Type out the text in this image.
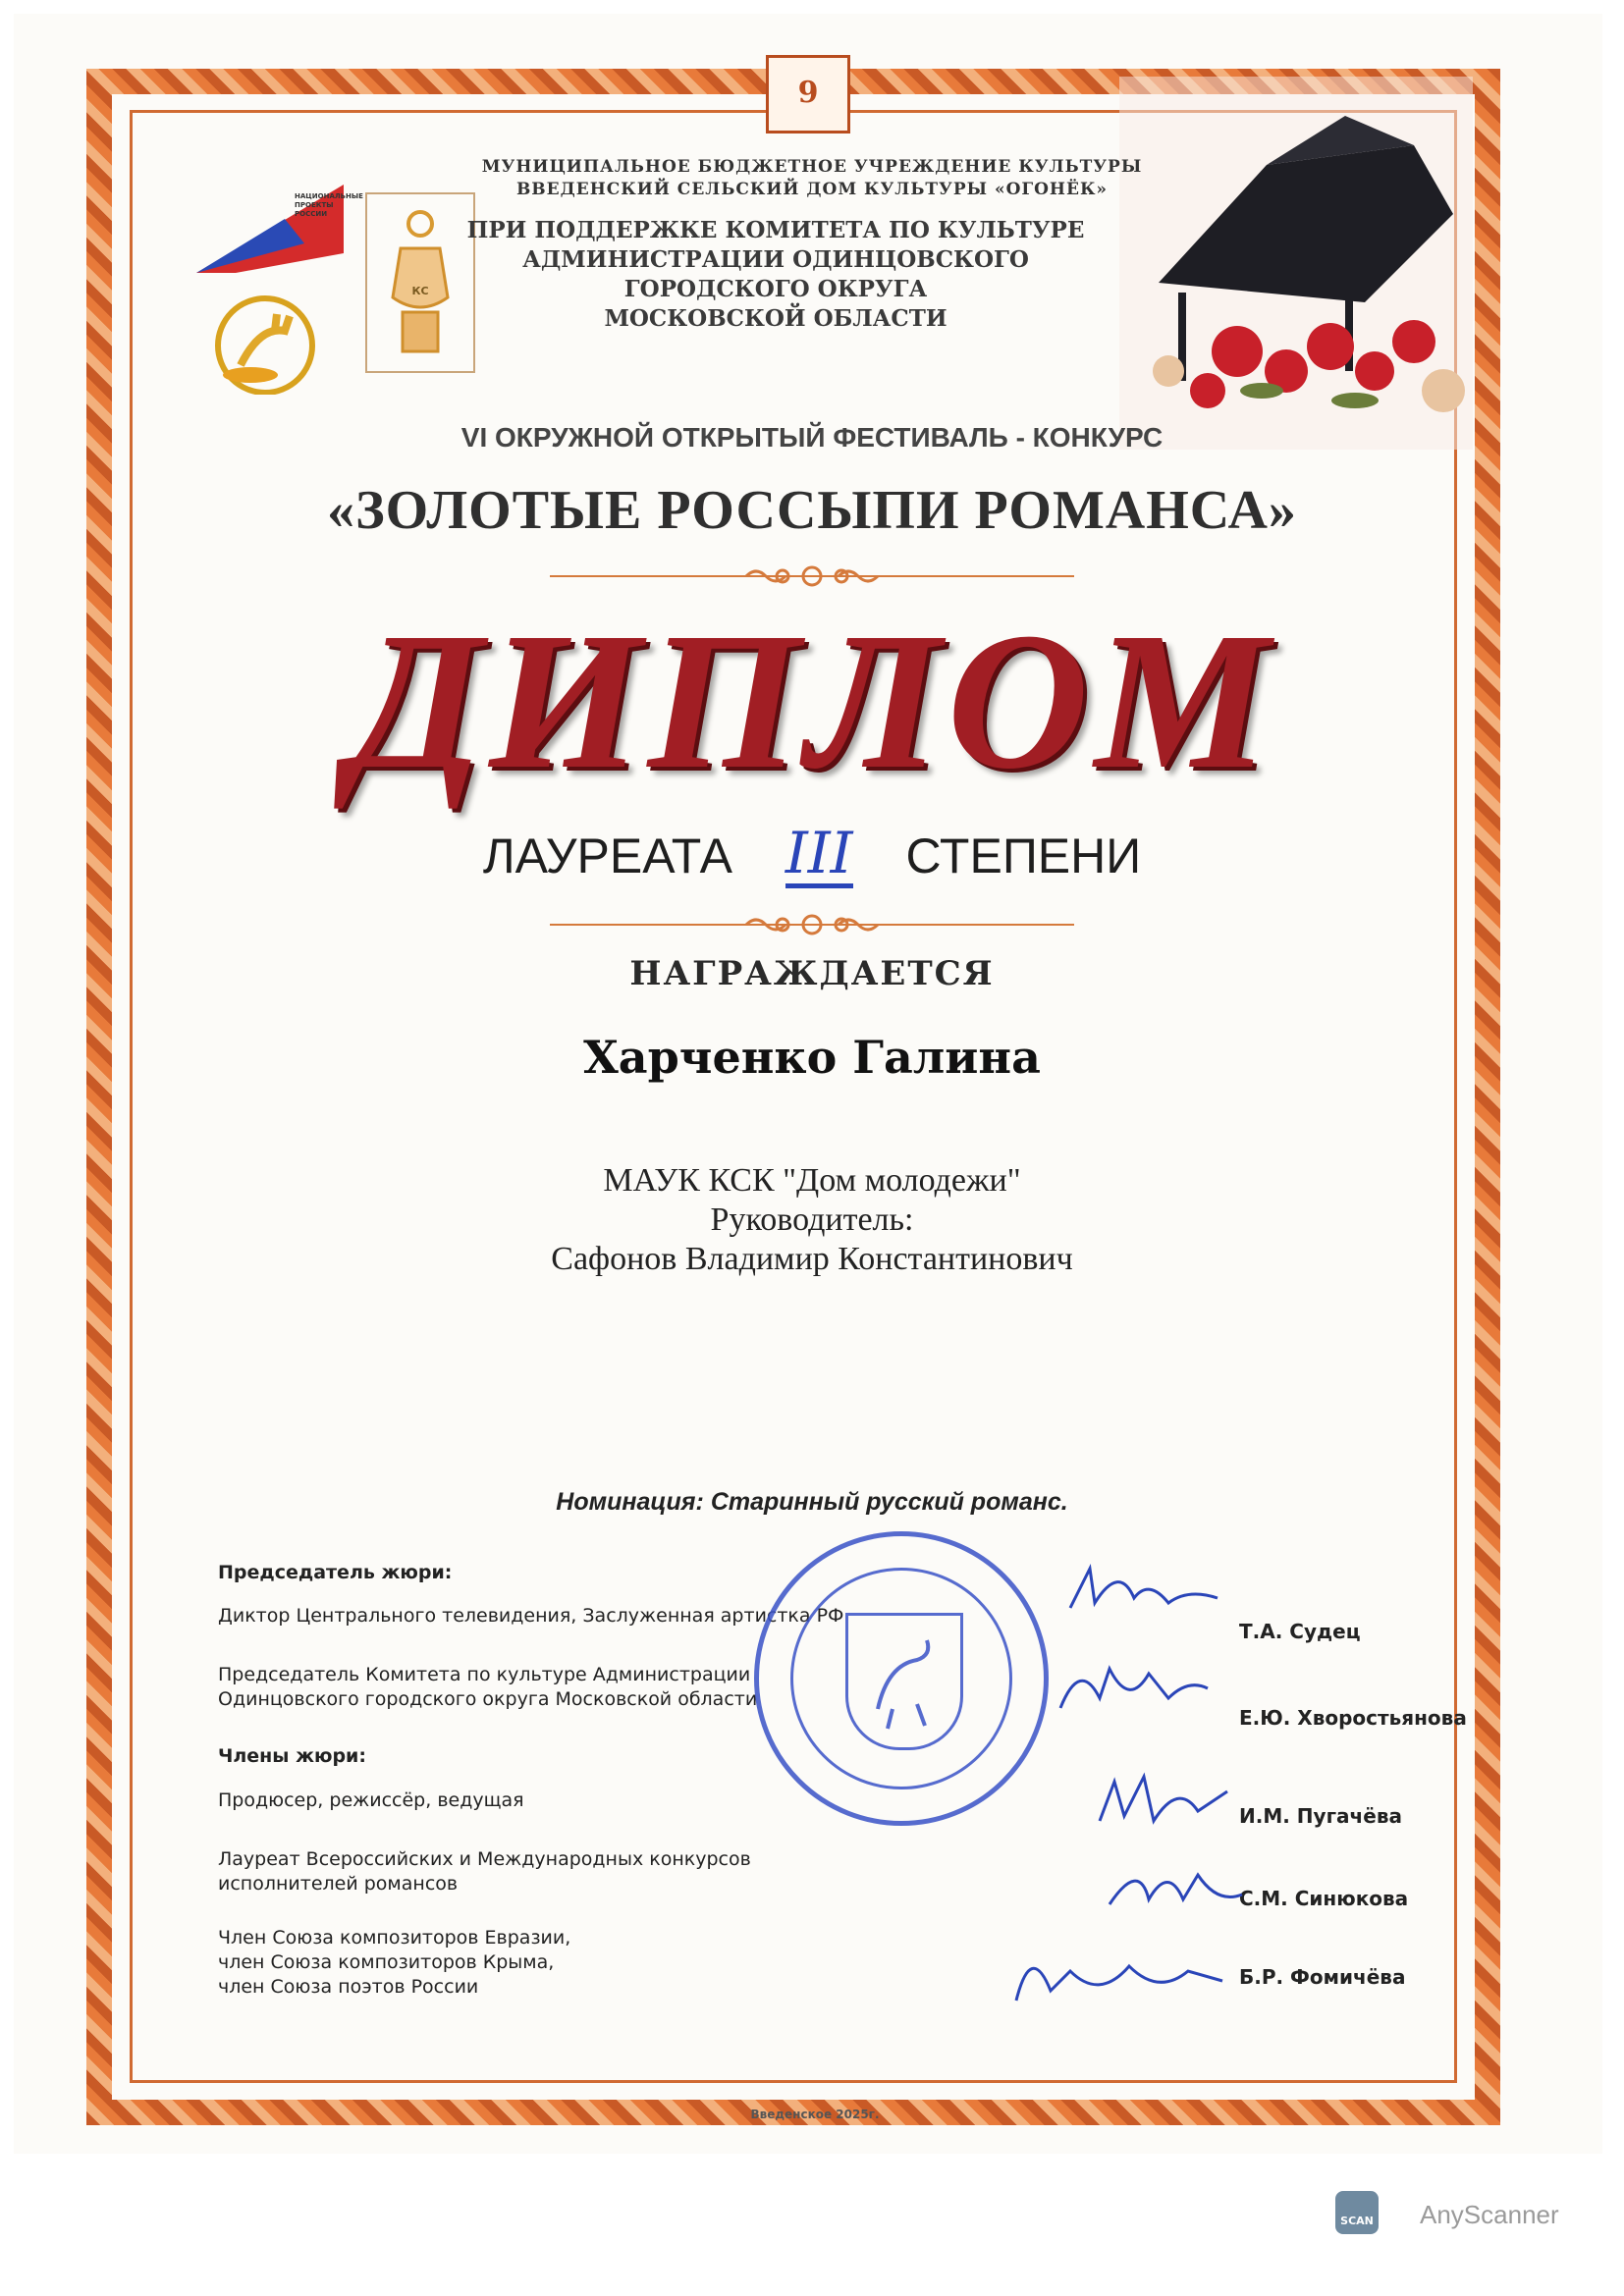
9
НАЦИОНАЛЬНЫЕ ПРОЕКТЫ РОССИИ
КС
МУНИЦИПАЛЬНОЕ БЮДЖЕТНОЕ УЧРЕЖДЕНИЕ КУЛЬТУРЫ
ВВЕДЕНСКИЙ СЕЛЬСКИЙ ДОМ КУЛЬТУРЫ «ОГОНЁК»
ПРИ ПОДДЕРЖКЕ КОМИТЕТА ПО КУЛЬТУРЕ
АДМИНИСТРАЦИИ ОДИНЦОВСКОГО
ГОРОДСКОГО ОКРУГА
МОСКОВСКОЙ ОБЛАСТИ
VI ОКРУЖНОЙ ОТКРЫТЫЙ ФЕСТИВАЛЬ - КОНКУРС
«ЗОЛОТЫЕ РОССЫПИ РОМАНСА»
ДИПЛОМ
ЛАУРЕАТА III СТЕПЕНИ
НАГРАЖДАЕТСЯ
Харченко Галина
МАУК КСК "Дом молодежи"
Руководитель:
Сафонов Владимир Константинович
Номинация: Старинный русский романс.
Председатель жюри:
Диктор Центрального телевидения, Заслуженная артистка РФ
Т.А. Судец
Председатель Комитета по культуре Администрации
Одинцовского городского округа Московской области
Е.Ю. Хворостьянова
Члены жюри:
Продюсер, режиссёр, ведущая
И.М. Пугачёва
Лауреат Всероссийских и Международных конкурсов
исполнителей романсов
С.М. Синюкова
Член Союза композиторов Евразии,
член Союза композиторов Крыма,
член Союза поэтов России	Б.Р. Фомичёва
Введенское 2025г.
SCAN AnyScanner
